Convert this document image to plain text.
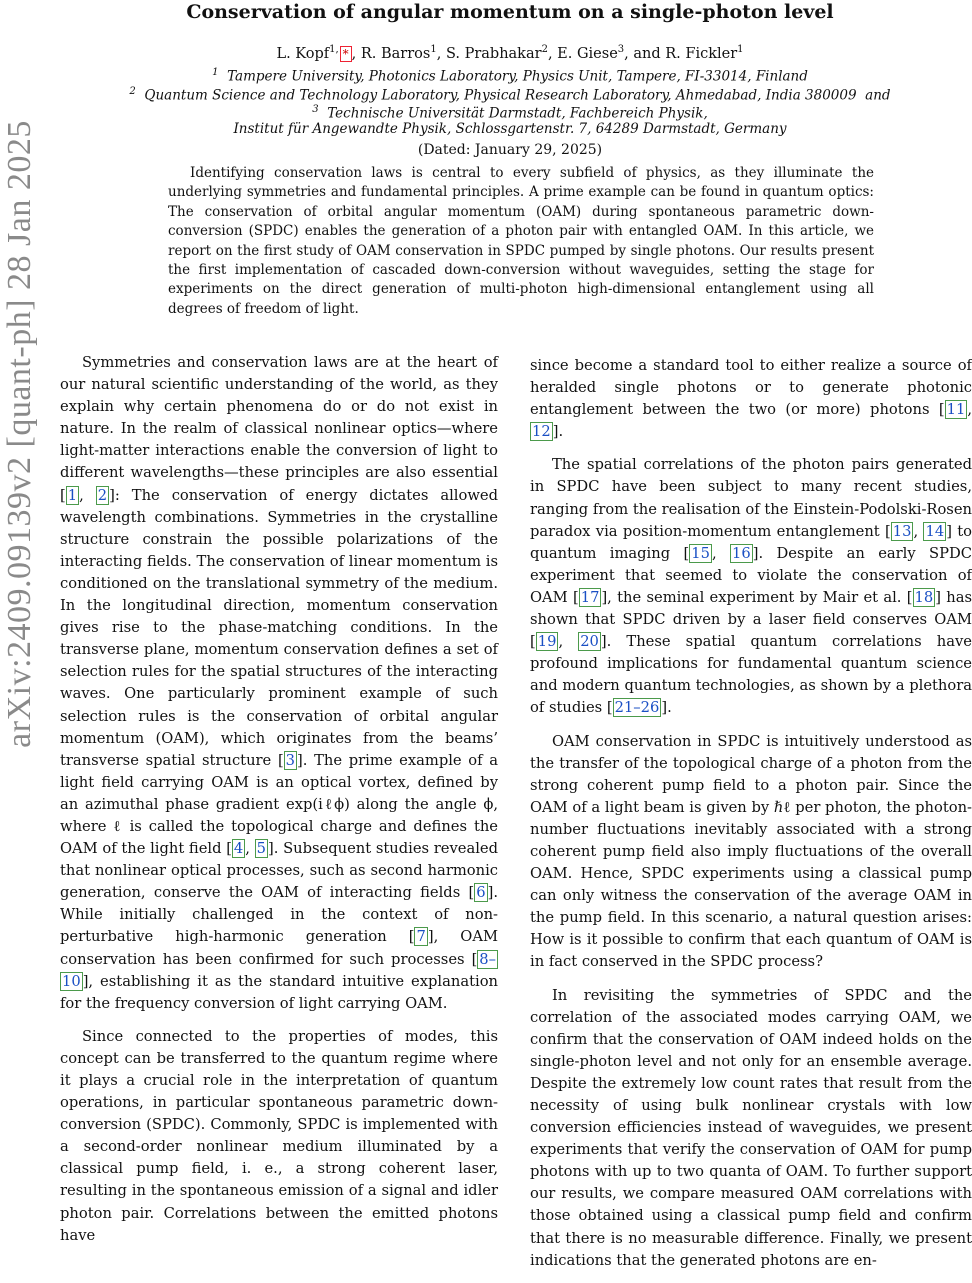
arXiv:2409.09139v2 [quant-ph] 28 Jan 2025
Conservation of angular momentum on a single-photon level
L. Kopf$^{1,}$ * , R. Barros$^1$, S. Prabhakar$^2$, E. Giese$^3$, and R. Fickler$^1$
$^1$ Tampere University, Photonics Laboratory, Physics Unit, Tampere, FI-33014, Finland
$^2$ Quantum Science and Technology Laboratory, Physical Research Laboratory, Ahmedabad, India 380009 and
$^3$ Technische Universität Darmstadt, Fachbereich Physik,
Institut für Angewandte Physik, Schlossgartenstr. 7, 64289 Darmstadt, Germany
(Dated: January 29, 2025)
Identifying conservation laws is central to every subfield of physics, as they illuminate the underlying symmetries and fundamental principles. A prime example can be found in quantum optics: The conservation of orbital angular momentum (OAM) during spontaneous parametric down-conversion (SPDC) enables the generation of a photon pair with entangled OAM. In this article, we report on the first study of OAM conservation in SPDC pumped by single photons. Our results present the first implementation of cascaded down-conversion without waveguides, setting the stage for experiments on the direct generation of multi-photon high-dimensional entanglement using all degrees of freedom of light.

Symmetries and conservation laws are at the heart of our natural scientific understanding of the world, as they explain why certain phenomena do or do not exist in nature. In the realm of classical nonlinear optics—where light-matter interactions enable the conversion of light to different wavelengths—these principles are also essential [ 1 , 2 ]: The conservation of energy dictates allowed wavelength combinations. Symmetries in the crystalline structure constrain the possible polarizations of the interacting fields. The conservation of linear momentum is conditioned on the translational symmetry of the medium. In the longitudinal direction, momentum conservation gives rise to the phase-matching conditions. In the transverse plane, momentum conservation defines a set of selection rules for the spatial structures of the interacting waves. One particularly prominent example of such selection rules is the conservation of orbital angular momentum (OAM), which originates from the beams’ transverse spatial structure [ 3 ]. The prime example of a light field carrying OAM is an optical vortex, defined by an azimuthal phase gradient exp(iℓϕ) along the angle ϕ, where ℓ is called the topological charge and defines the OAM of the light field [ 4 , 5 ]. Subsequent studies revealed that nonlinear optical processes, such as second harmonic generation, conserve the OAM of interacting fields [ 6 ]. While initially challenged in the context of non-perturbative high-harmonic generation [ 7 ], OAM conservation has been confirmed for such processes [ 8–10 ], establishing it as the standard intuitive explanation for the frequency conversion of light carrying OAM.

Since connected to the properties of modes, this concept can be transferred to the quantum regime where it plays a crucial role in the interpretation of quantum operations, in particular spontaneous parametric down-conversion (SPDC). Commonly, SPDC is implemented with a second-order nonlinear medium illuminated by a classical pump field, i. e., a strong coherent laser, resulting in the spontaneous emission of a signal and idler photon pair. Correlations between the emitted photons have

since become a standard tool to either realize a source of heralded single photons or to generate photonic entanglement between the two (or more) photons [ 11 , 12 ].

The spatial correlations of the photon pairs generated in SPDC have been subject to many recent studies, ranging from the realisation of the Einstein-Podolski-Rosen paradox via position-momentum entanglement [ 13 , 14 ] to quantum imaging [ 15 , 16 ]. Despite an early SPDC experiment that seemed to violate the conservation of OAM [ 17 ], the seminal experiment by Mair et al. [ 18 ] has shown that SPDC driven by a laser field conserves OAM [ 19 , 20 ]. These spatial quantum correlations have profound implications for fundamental quantum science and modern quantum technologies, as shown by a plethora of studies [ 21–26 ].

OAM conservation in SPDC is intuitively understood as the transfer of the topological charge of a photon from the strong coherent pump field to a photon pair. Since the OAM of a light beam is given by ℏℓ per photon, the photon-number fluctuations inevitably associated with a strong coherent pump field also imply fluctuations of the overall OAM. Hence, SPDC experiments using a classical pump can only witness the conservation of the average OAM in the pump field. In this scenario, a natural question arises: How is it possible to confirm that each quantum of OAM is in fact conserved in the SPDC process?

In revisiting the symmetries of SPDC and the correlation of the associated modes carrying OAM, we confirm that the conservation of OAM indeed holds on the single-photon level and not only for an ensemble average. Despite the extremely low count rates that result from the necessity of using bulk nonlinear crystals with low conversion efficiencies instead of waveguides, we present experiments that verify the conservation of OAM for pump photons with up to two quanta of OAM. To further support our results, we compare measured OAM correlations with those obtained using a classical pump field and confirm that there is no measurable difference. Finally, we present indications that the generated photons are en-
